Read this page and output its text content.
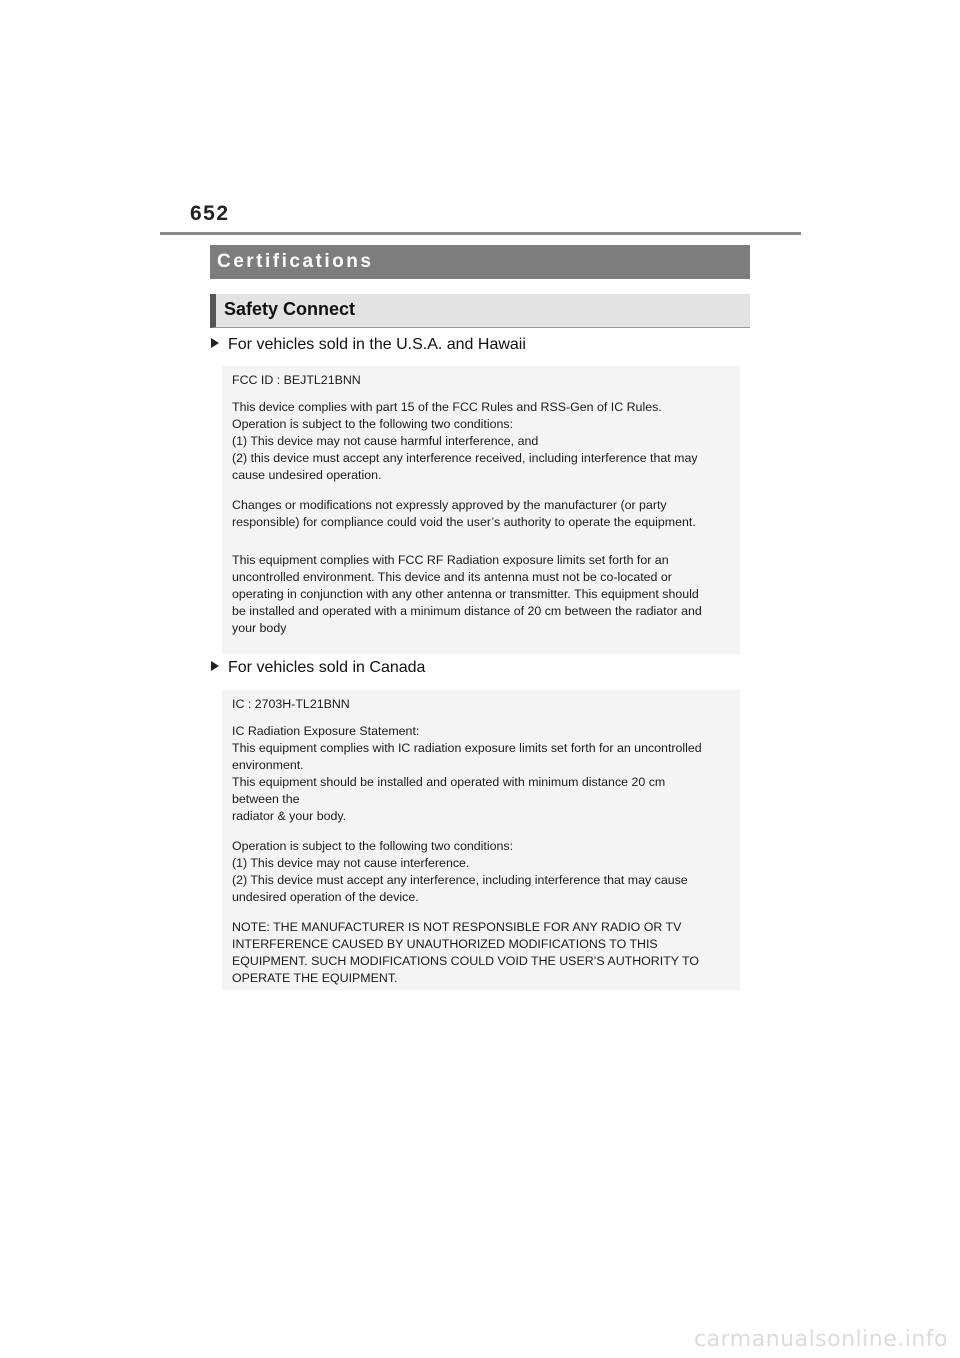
652
Certifications
Safety Connect
For vehicles sold in the U.S.A. and Hawaii

FCC ID : BEJTL21BNN

This device complies with part 15 of the FCC Rules and RSS-Gen of IC Rules.
Operation is subject to the following two conditions:
(1) This device may not cause harmful interference, and
(2) this device must accept any interference received, including interference that may
cause undesired operation.

Changes or modifications not expressly approved by the manufacturer (or party
responsible) for compliance could void the user’s authority to operate the equipment.

This equipment complies with FCC RF Radiation exposure limits set forth for an
uncontrolled environment. This device and its antenna must not be co-located or
operating in conjunction with any other antenna or transmitter. This equipment should
be installed and operated with a minimum distance of 20 cm between the radiator and
your body

For vehicles sold in Canada

IC : 2703H-TL21BNN

IC Radiation Exposure Statement:
This equipment complies with IC radiation exposure limits set forth for an uncontrolled
environment.
This equipment should be installed and operated with minimum distance 20 cm
between the
radiator & your body.

Operation is subject to the following two conditions:
(1) This device may not cause interference.
(2) This device must accept any interference, including interference that may cause
undesired operation of the device.

NOTE: THE MANUFACTURER IS NOT RESPONSIBLE FOR ANY RADIO OR TV
INTERFERENCE CAUSED BY UNAUTHORIZED MODIFICATIONS TO THIS
EQUIPMENT. SUCH MODIFICATIONS COULD VOID THE USER’S AUTHORITY TO
OPERATE THE EQUIPMENT.

carmanualsonline.info
